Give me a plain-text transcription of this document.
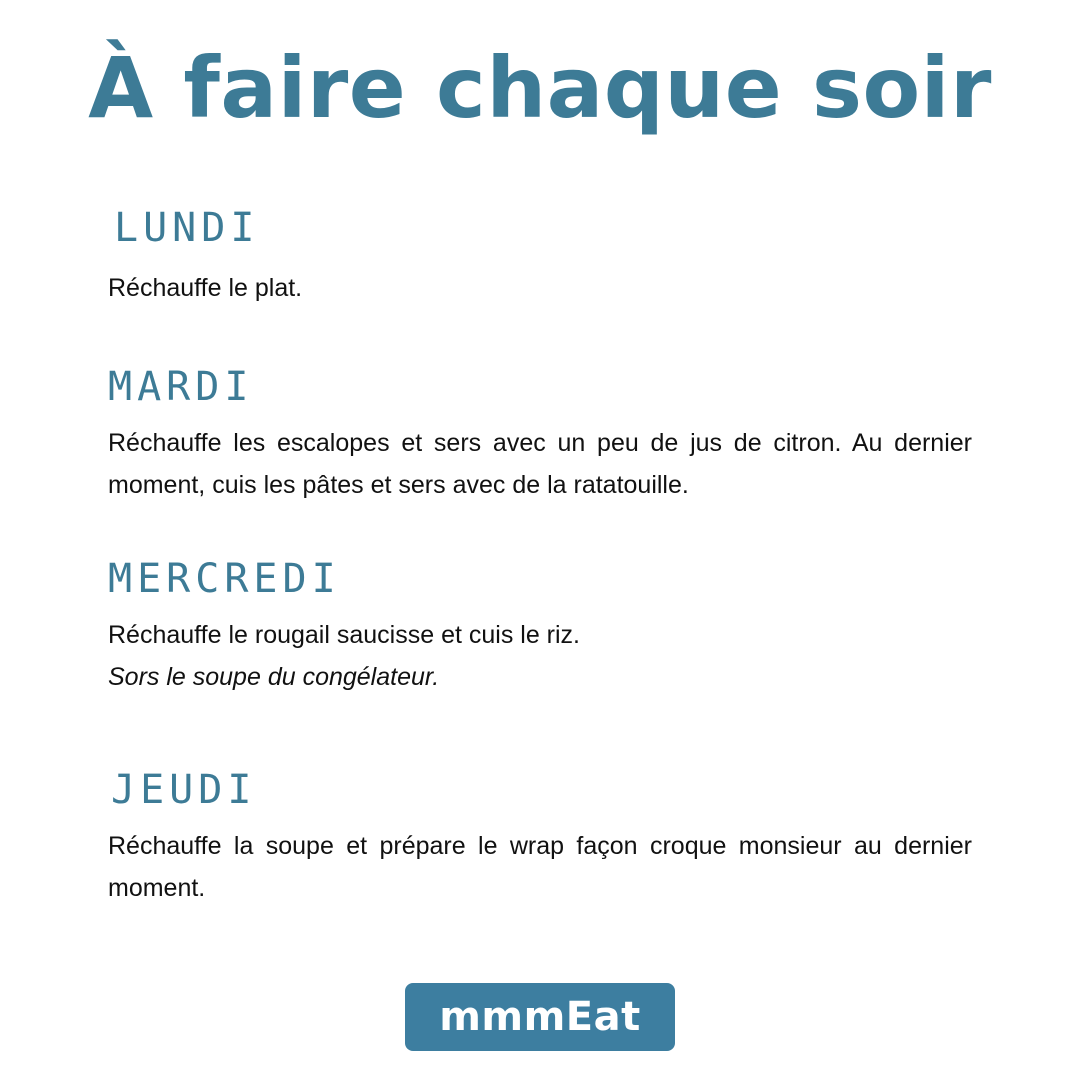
À faire chaque soir
LUNDI

Réchauffe le plat.

MARDI

Réchauffe les escalopes et sers avec un peu de jus de citron. Au dernier moment, cuis les pâtes et sers avec de la ratatouille.

MERCREDI

Réchauffe le rougail saucisse et cuis le riz.

Sors le soupe du congélateur.

JEUDI

Réchauffe la soupe et prépare le wrap façon croque monsieur au dernier moment.

mmmEat
